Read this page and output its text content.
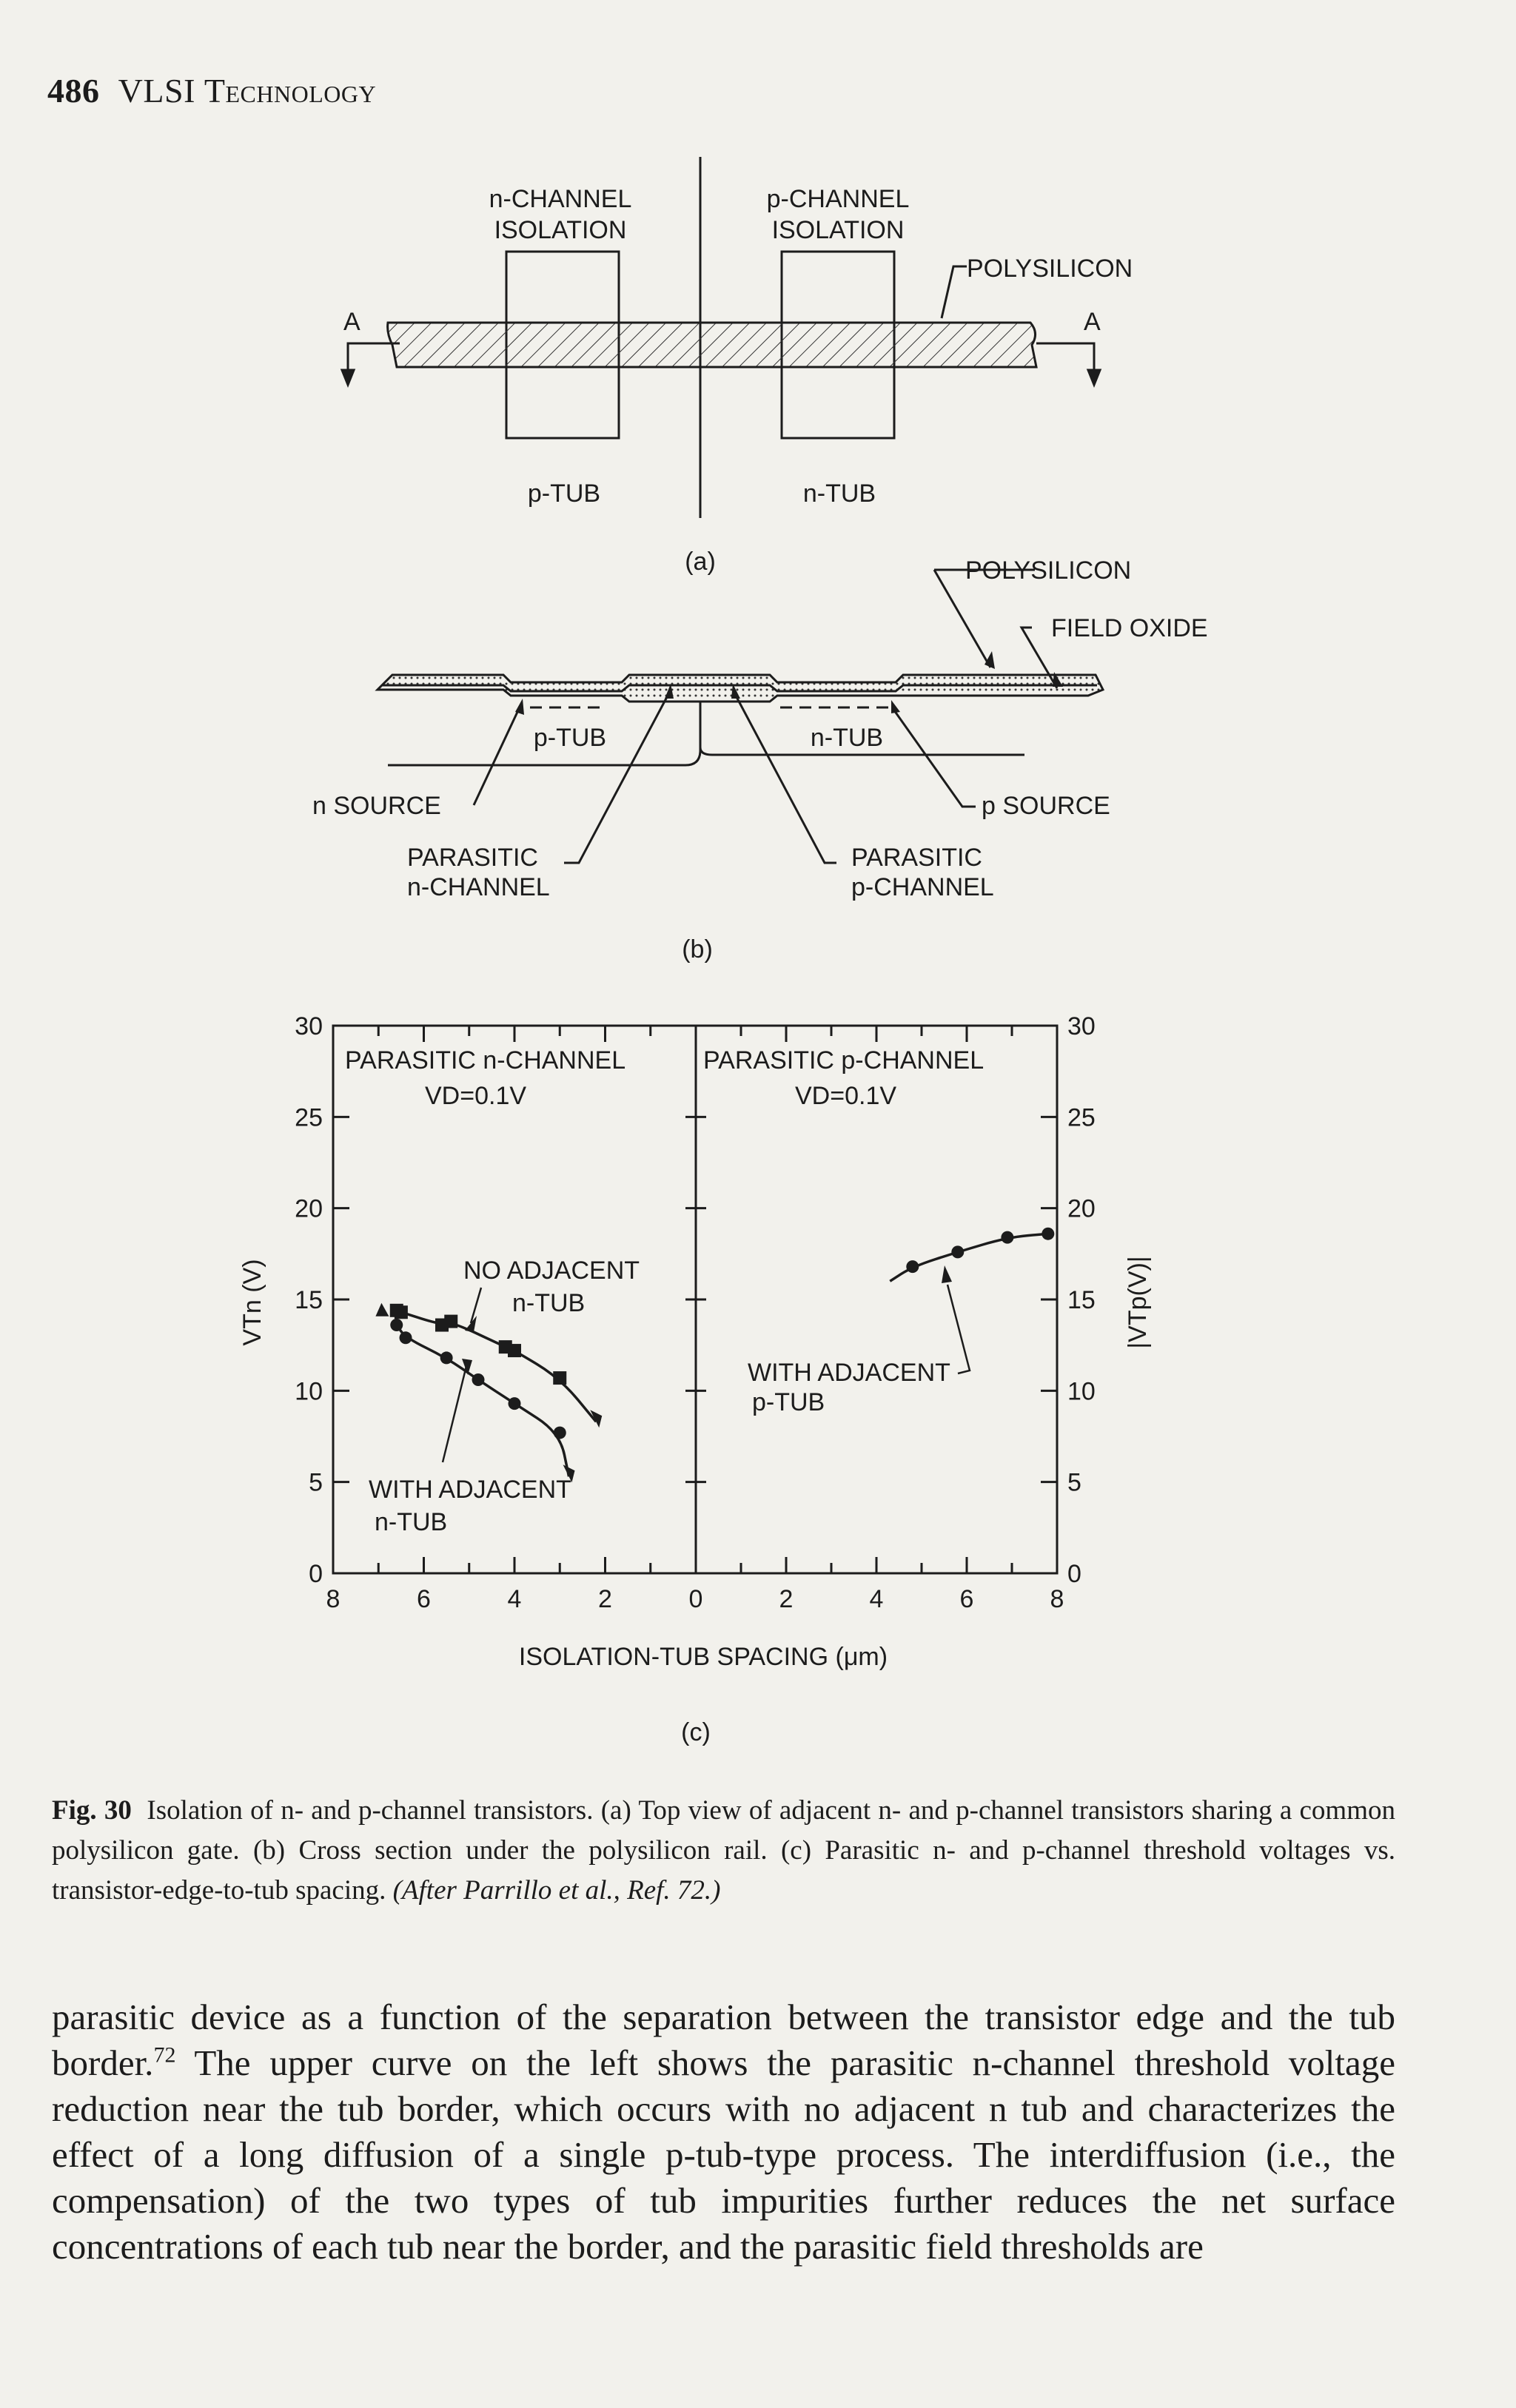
486 VLSI Technology
n-CHANNEL
ISOLATION
p-CHANNEL
ISOLATION
POLYSILICON
A	A
p-TUB	n-TUB
(a)	POLYSILICON
FIELD OXIDE
p-TUB	n-TUB
n SOURCE	p SOURCE
PARASITIC
n-CHANNEL
PARASITIC
p-CHANNEL
(b)
0
5
10
15
20
25
30
8	6	4	2	0
0
5
10
15
20
25
30
2	4	6	8
PARASITIC n-CHANNEL
VD=0.1V
PARASITIC p-CHANNEL
VD=0.1V
NO ADJACENT
n-TUB
WITH ADJACENT
n-TUB
WITH ADJACENT
p-TUB
ISOLATION-TUB SPACING (μm)
(c)
VTn (V)	|VTp(V)|
Fig. 30 Isolation of n- and p-channel transistors. (a) Top view of adjacent n- and p-channel transistors sharing a common polysilicon gate. (b) Cross section under the polysilicon rail. (c) Parasitic n- and p-channel threshold voltages vs. transistor-edge-to-tub spacing. (After Parrillo et al., Ref. 72.)
parasitic device as a function of the separation between the transistor edge and the tub border.$^{72}$ The upper curve on the left shows the parasitic n-channel threshold voltage reduction near the tub border, which occurs with no adjacent n tub and characterizes the effect of a long diffusion of a single p-tub-type process. The interdiffusion (i.e., the compensation) of the two types of tub impurities further reduces the net surface concentrations of each tub near the border, and the parasitic field thresholds are
